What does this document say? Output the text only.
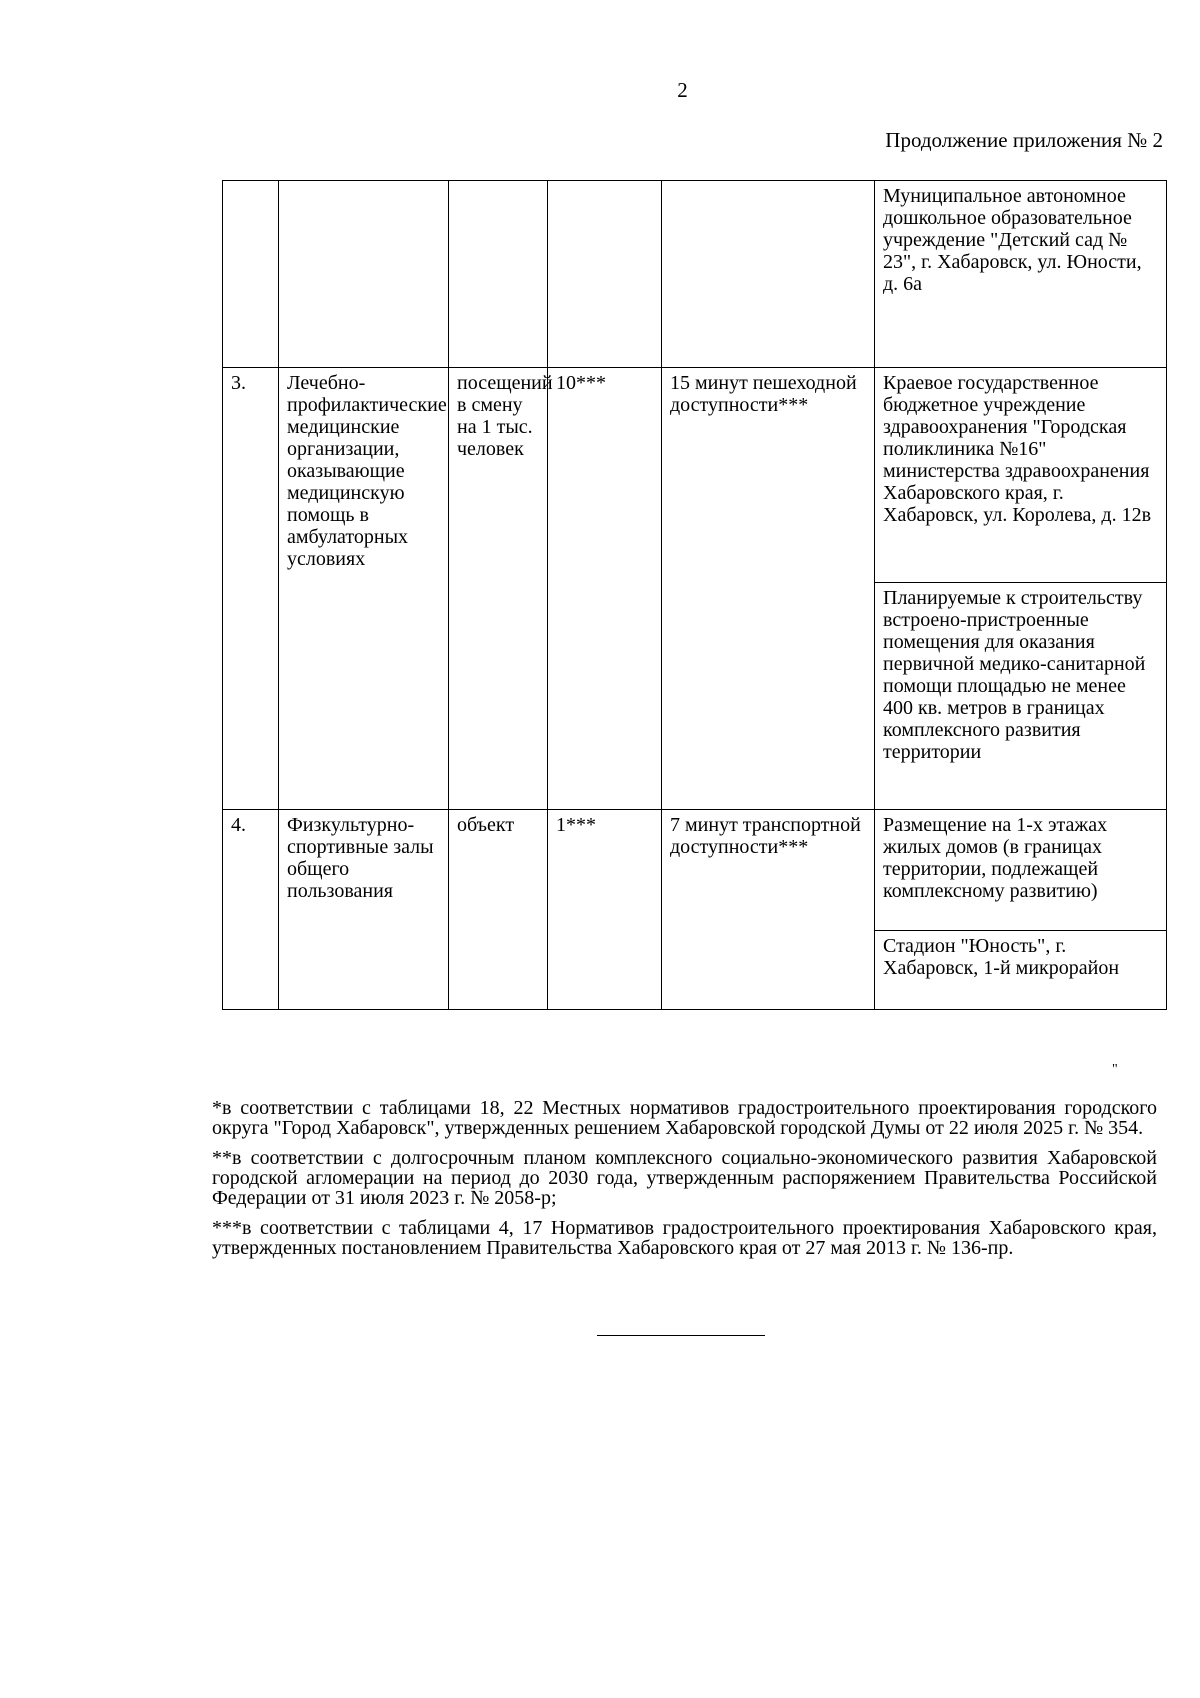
2
Продолжение приложения № 2
					Муниципальное автономное дошкольное образовательное учреждение "Детский сад № 23", г. Хабаровск, ул. Юности, д. 6а
3.	Лечебно-профилактические медицинские организации, оказывающие медицинскую помощь в амбулаторных условиях	посещений в смену на 1 тыс. человек	10***	15 минут пешеходной доступности***	Краевое государственное бюджетное учреждение здравоохранения "Городская поликлиника №16" министерства здравоохранения Хабаровского края, г. Хабаровск, ул. Королева, д. 12в
					Планируемые к строительству встроено-пристроенные помещения для оказания первичной медико-санитарной помощи площадью не менее 400 кв. метров в границах комплексного развития территории
4.	Физкультурно-спортивные залы общего пользования	объект	1***	7 минут транспортной доступности***	Размещение на 1-х этажах жилых домов (в границах территории, подлежащей комплексному развитию)
					Стадион "Юность", г. Хабаровск, 1-й микрорайон
"

*в соответствии с таблицами 18, 22 Местных нормативов градостроительного проектирования городского округа "Город Хабаровск", утвержденных решением Хабаровской городской Думы от 22 июля 2025 г. № 354.

**в соответствии с долгосрочным планом комплексного социально-экономического развития Хабаровской городской агломерации на период до 2030 года, утвержденным распоряжением Правительства Российской Федерации от 31 июля 2023 г. № 2058-р;

***в соответствии с таблицами 4, 17 Нормативов градостроительного проектирования Хабаровского края, утвержденных постановлением Правительства Хабаровского края от 27 мая 2013 г. № 136-пр.
